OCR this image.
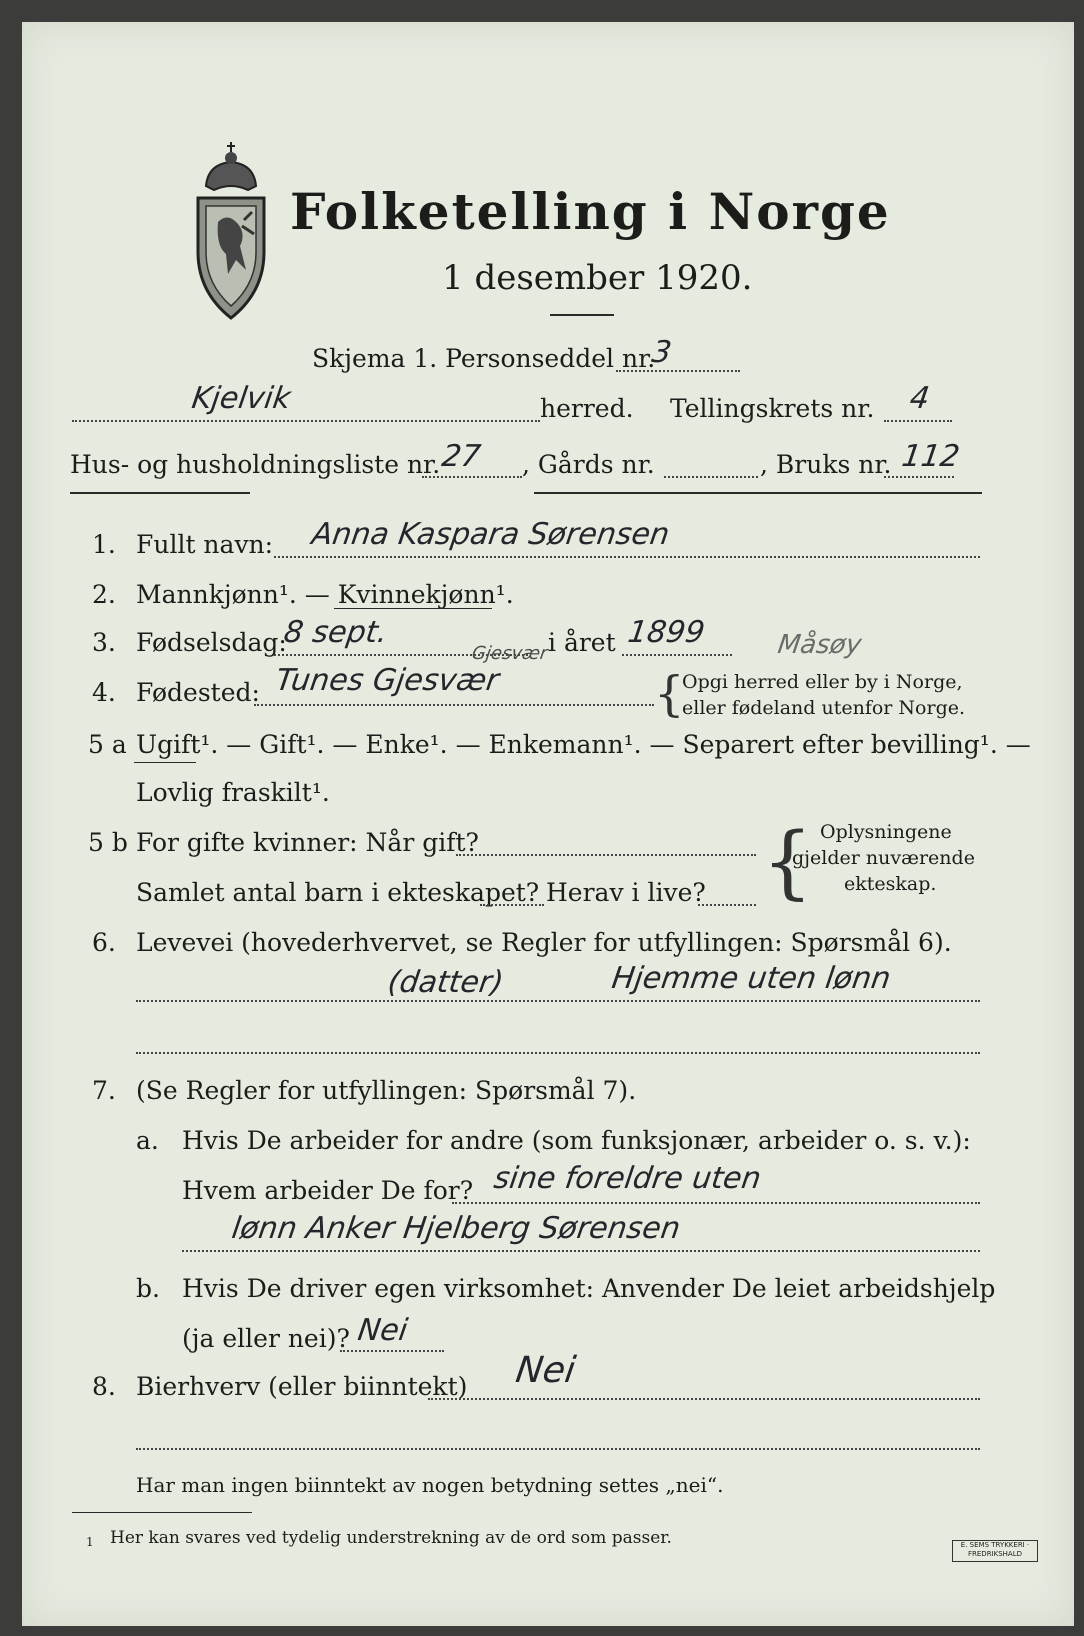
Folketelling i Norge
1 desember 1920.
Skjema 1. Personseddel nr.
3
Kjelvik	herred. Tellingskrets nr. 4
Hus- og husholdningsliste nr. 27 , Gårds nr.	, Bruks nr. 112
1. Fullt navn: Anna Kaspara Sørensen
2. Mannkjønn¹. — Kvinnekjønn¹.
3. Fødselsdag:
8 sept.	i året 1899	Måsøy
4. Fødested:
Gjesvær
Tunes Gjesvær	{
Opgi herred eller by i Norge,
eller fødeland utenfor Norge.
5 a Ugift¹. — Gift¹. — Enke¹. — Enkemann¹. — Separert efter bevilling¹. —
Lovlig fraskilt¹.
5 b For gifte kvinner: Når gift?
Samlet antal barn i ekteskapet? Herav i live? { Oplysningene
gjelder nuværende
ekteskap.
6. Levevei (hovederhvervet, se Regler for utfyllingen: Spørsmål 6).
(datter)	Hjemme uten lønn
7. (Se Regler for utfyllingen: Spørsmål 7).
a. Hvis De arbeider for andre (som funksjonær, arbeider o. s. v.):
Hvem arbeider De for? sine foreldre uten
lønn Anker Hjelberg Sørensen
b. Hvis De driver egen virksomhet: Anvender De leiet arbeidshjelp
(ja eller nei)? Nei
8. Bierhverv (eller biinntekt) Nei
Har man ingen biinntekt av nogen betydning settes „nei“.
1 Her kan svares ved tydelig understrekning av de ord som passer.	E. SEMS TRYKKERI · FREDRIKSHALD
